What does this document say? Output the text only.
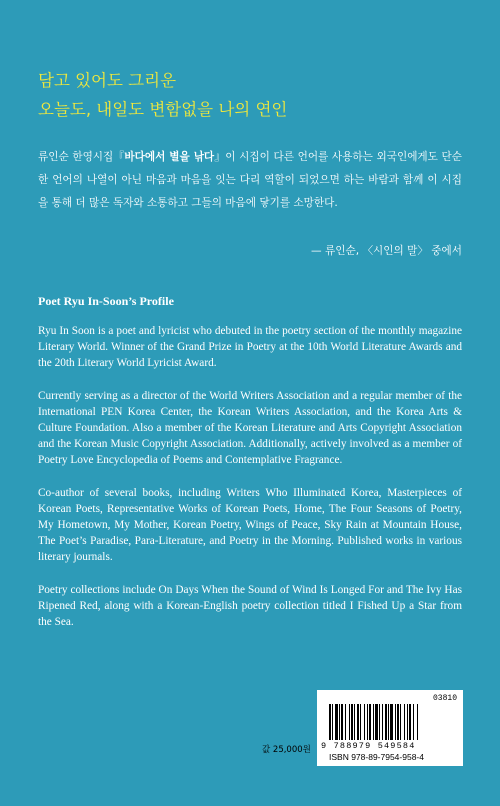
담고 있어도 그리운
오늘도, 내일도 변함없을 나의 연인
류인순 한영시집『바다에서 별을 낚다』이 시집이 다른 언어를 사용하는 외국인에게도 단순한 언어의 나열이 아닌 마음과 마음을 잇는 다리 역할이 되었으면 하는 바람과 함께 이 시집을 통해 더 많은 독자와 소통하고 그들의 마음에 닿기를 소망한다.
— 류인순, 〈시인의 말〉 중에서
Poet Ryu In-Soon’s Profile

Ryu In Soon is a poet and lyricist who debuted in the poetry section of the monthly magazine Literary World. Winner of the Grand Prize in Poetry at the 10th World Literature Awards and the 20th Literary World Lyricist Award.

Currently serving as a director of the World Writers Association and a regular member of the International PEN Korea Center, the Korean Writers Association, and the Korea Arts & Culture Foundation. Also a member of the Korean Literature and Arts Copyright Association and the Korean Music Copyright Association. Additionally, actively involved as a member of Poetry Love Encyclopedia of Poems and Contemplative Fragrance.

Co-author of several books, including Writers Who Illuminated Korea, Masterpieces of Korean Poets, Representative Works of Korean Poets, Home, The Four Seasons of Poetry, My Hometown, My Mother, Korean Poetry, Wings of Peace, Sky Rain at Mountain House, The Poet’s Paradise, Para-Literature, and Poetry in the Morning. Published works in various literary journals.

Poetry collections include On Days When the Sound of Wind Is Longed For and The Ivy Has Ripened Red, along with a Korean-English poetry collection titled I Fished Up a Star from the Sea.

값 25,000원
03810
9 788979 549584
ISBN 978-89-7954-958-4
